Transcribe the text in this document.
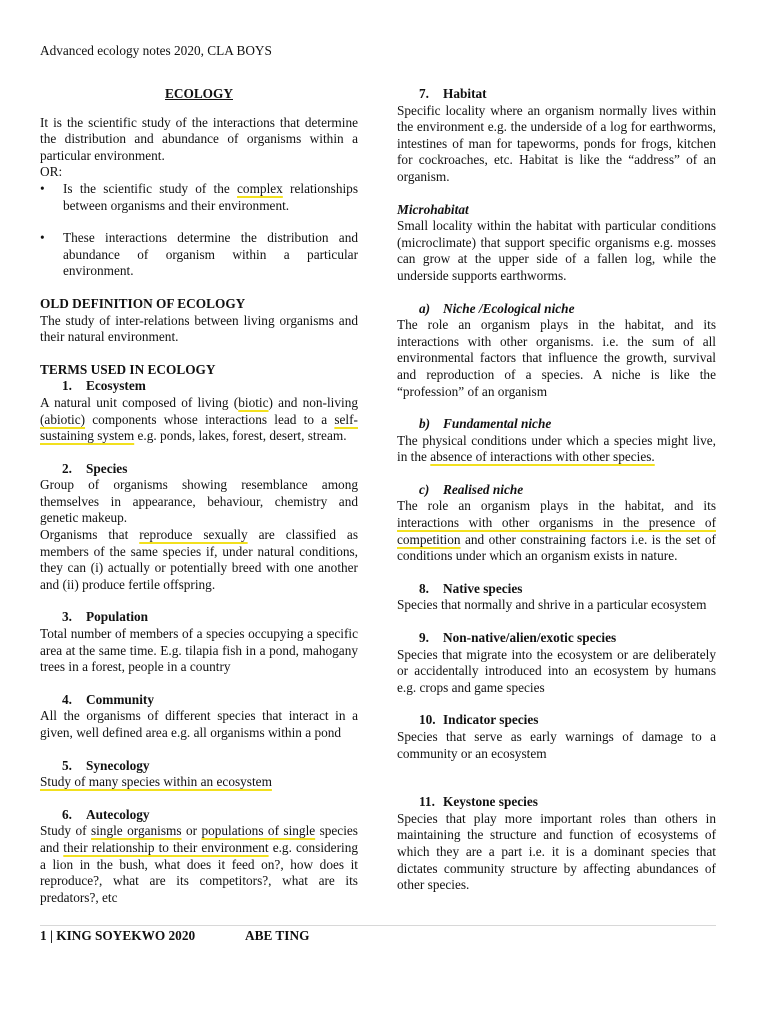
Advanced ecology notes 2020, CLA BOYS

ECOLOGY

It is the scientific study of the interactions that determine the distribution and abundance of organisms within a particular environment.

OR:

• Is the scientific study of the complex relationships between organisms and their environment.
• These interactions determine the distribution and abundance of organism within a particular environment.

OLD DEFINITION OF ECOLOGY

The study of inter-relations between living organisms and their natural environment.

TERMS USED IN ECOLOGY

1. Ecosystem

A natural unit composed of living (biotic) and non-living (abiotic) components whose interactions lead to a self-sustaining system e.g. ponds, lakes, forest, desert, stream.

2. Species

Group of organisms showing resemblance among themselves in appearance, behaviour, chemistry and genetic makeup.

Organisms that reproduce sexually are classified as members of the same species if, under natural conditions, they can (i) actually or potentially breed with one another and (ii) produce fertile offspring.

3. Population

Total number of members of a species occupying a specific area at the same time. E.g. tilapia fish in a pond, mahogany trees in a forest, people in a country

4. Community

All the organisms of different species that interact in a given, well defined area e.g. all organisms within a pond

5. Synecology

Study of many species within an ecosystem

6. Autecology

Study of single organisms or populations of single species and their relationship to their environment e.g. considering a lion in the bush, what does it feed on?, how does it reproduce?, what are its competitors?, what are its predators?, etc

7. Habitat

Specific locality where an organism normally lives within the environment e.g. the underside of a log for earthworms, intestines of man for tapeworms, ponds for frogs, kitchen for cockroaches, etc. Habitat is like the “address” of an organism.

Microhabitat

Small locality within the habitat with particular conditions (microclimate) that support specific organisms e.g. mosses can grow at the upper side of a fallen log, while the underside supports earthworms.

a) Niche /Ecological niche

The role an organism plays in the habitat, and its interactions with other organisms. i.e. the sum of all environmental factors that influence the growth, survival and reproduction of a species. A niche is like the “profession” of an organism

b) Fundamental niche

The physical conditions under which a species might live, in the absence of interactions with other species.

c) Realised niche

The role an organism plays in the habitat, and its interactions with other organisms in the presence of competition and other constraining factors i.e. is the set of conditions under which an organism exists in nature.

8. Native species

Species that normally and shrive in a particular ecosystem

9. Non-native/alien/exotic species

Species that migrate into the ecosystem or are deliberately or accidentally introduced into an ecosystem by humans e.g. crops and game species

10. Indicator species

Species that serve as early warnings of damage to a community or an ecosystem

11. Keystone species

Species that play more important roles than others in maintaining the structure and function of ecosystems of which they are a part i.e. it is a dominant species that dictates community structure by affecting abundances of other species.

1 | KING SOYEKWO 2020	ABE TING
